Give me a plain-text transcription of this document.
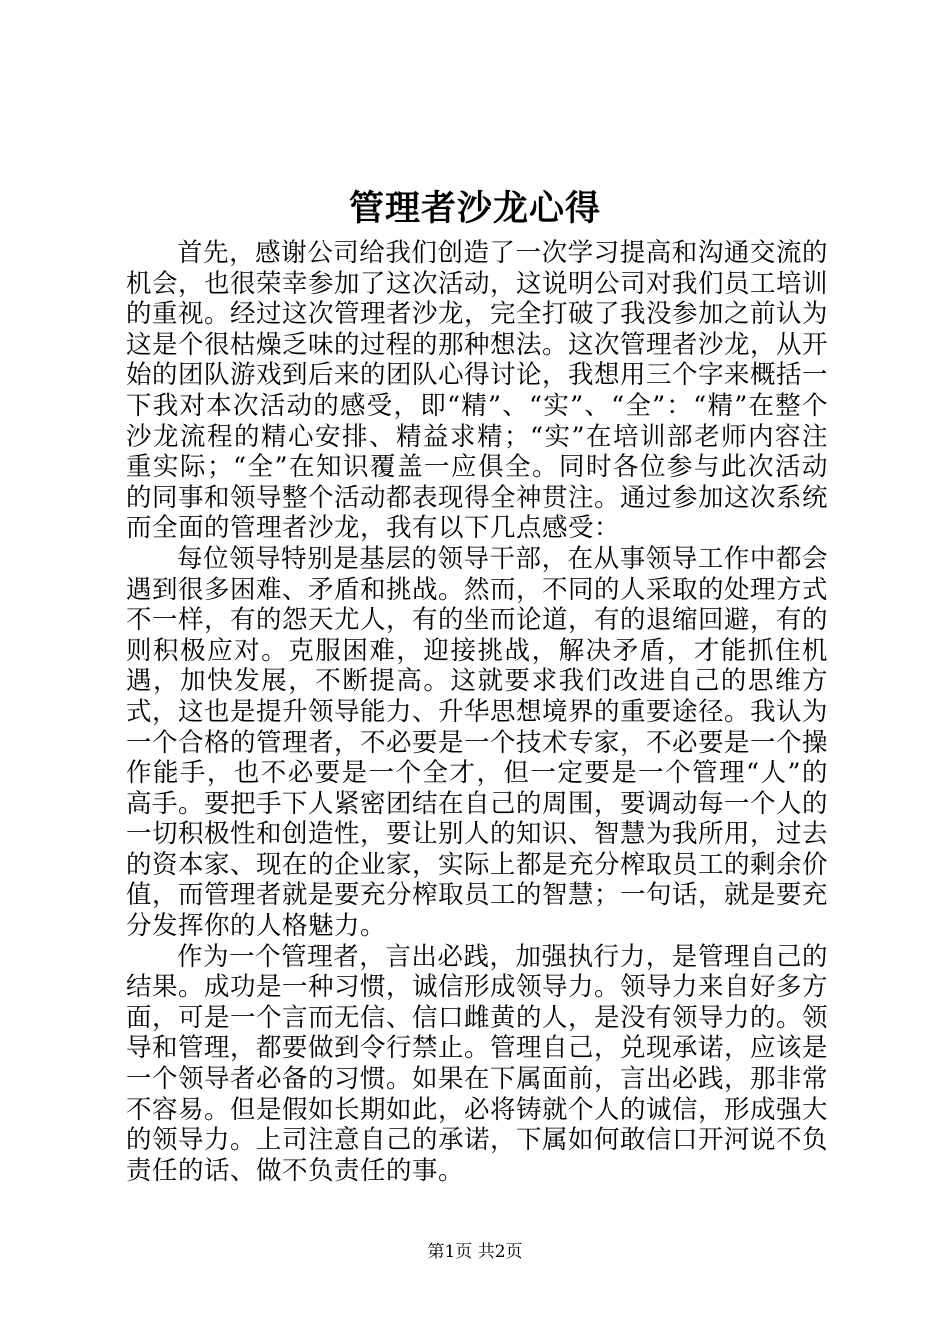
管理者沙龙心得

首先，感谢公司给我们创造了一次学习提高和沟通交流的机会，也很荣幸参加了这次活动，这说明公司对我们员工培训的重视。经过这次管理者沙龙，完全打破了我没参加之前认为这是个很枯燥乏味的过程的那种想法。这次管理者沙龙，从开始的团队游戏到后来的团队心得讨论，我想用三个字来概括一下我对本次活动的感受，即“精”、“实”、“全”：“精”在整个沙龙流程的精心安排、精益求精；“实”在培训部老师内容注重实际；“全”在知识覆盖一应俱全。同时各位参与此次活动的同事和领导整个活动都表现得全神贯注。通过参加这次系统而全面的管理者沙龙，我有以下几点感受：

每位领导特别是基层的领导干部，在从事领导工作中都会遇到很多困难、矛盾和挑战。然而，不同的人采取的处理方式不一样，有的怨天尤人，有的坐而论道，有的退缩回避，有的则积极应对。克服困难，迎接挑战，解决矛盾，才能抓住机遇，加快发展，不断提高。这就要求我们改进自己的思维方式，这也是提升领导能力、升华思想境界的重要途径。我认为一个合格的管理者，不必要是一个技术专家，不必要是一个操作能手，也不必要是一个全才，但一定要是一个管理“人”的高手。要把手下人紧密团结在自己的周围，要调动每一个人的一切积极性和创造性，要让别人的知识、智慧为我所用，过去的资本家、现在的企业家，实际上都是充分榨取员工的剩余价值，而管理者就是要充分榨取员工的智慧；一句话，就是要充分发挥你的人格魅力。

作为一个管理者，言出必践，加强执行力，是管理自己的结果。成功是一种习惯，诚信形成领导力。领导力来自好多方面，可是一个言而无信、信口雌黄的人，是没有领导力的。领导和管理，都要做到令行禁止。管理自己，兑现承诺，应该是一个领导者必备的习惯。如果在下属面前，言出必践，那非常不容易。但是假如长期如此，必将铸就个人的诚信，形成强大的领导力。上司注意自己的承诺，下属如何敢信口开河说不负责任的话、做不负责任的事。

第1页 共2页
